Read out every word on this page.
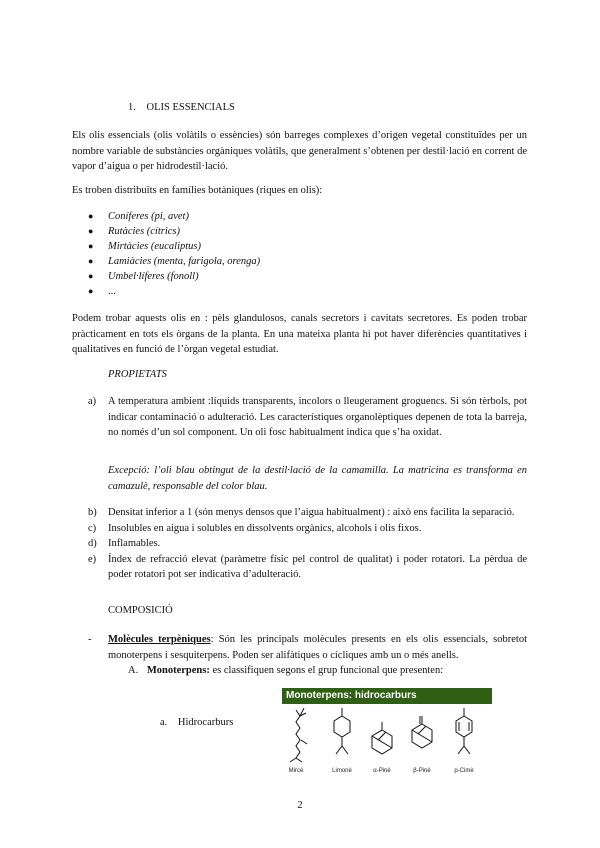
1. OLIS ESSENCIALS

Els olis essencials (olis volàtils o essències) són barreges complexes d’origen vegetal constituïdes per un nombre variable de substàncies orgàniques volàtils, que generalment s’obtenen per destil·lació en corrent de vapor d’aigua o per hidrodestil·lació.

Es troben distribuïts en famílies botàniques (riques en olis):

●	Coníferes (pi, avet)
●	Rutàcies (cítrics)
●	Mirtàcies (eucaliptus)
●	Lamiàcies (menta, farigola, orenga)
●	Umbel·líferes (fonoll)
●	...

Podem trobar aquests olis en : pèls glandulosos, canals secretors i cavitats secretores. Es poden trobar pràcticament en tots els òrgans de la planta. En una mateixa planta hi pot haver diferències quantitatives i qualitatives en funció de l’òrgan vegetal estudiat.

PROPIETATS
a)	A temperatura ambient :líquids transparents, incolors o lleugerament groguencs. Si són tèrbols, pot indicar contaminació o adulteració. Les característiques organolèptiques depenen de tota la barreja, no només d’un sol component. Un oli fosc habitualment indica que s’ha oxidat.

Excepció: l’oli blau obtingut de la destil·lació de la camamilla. La matricina es transforma en camazulè, responsable del color blau.

b)	Densitat inferior a 1 (són menys densos que l’aigua habitualment) : això ens facilita la separació.
c)	Insolubles en aigua i solubles en dissolvents orgànics, alcohols i olis fixos.
d)	Inflamables.
e)	Índex de refracció elevat (paràmetre físic pel control de qualitat) i poder rotatori. La pèrdua de poder rotatori pot ser indicativa d’adulteració.
COMPOSICIÓ
-	Molècules terpèniques: Són les principals molècules presents en els olis essencials, sobretot monoterpens i sesquiterpens. Poden ser alifàtiques o cícliques amb un o més anells.
A. Monoterpens: es classifiquen segons el grup funcional que presenten:
a. Hidrocarburs
Monoterpens: hidrocarburs
Mircè	Limonè	α-Pinè	β-Pinè	p-Cimè
2
